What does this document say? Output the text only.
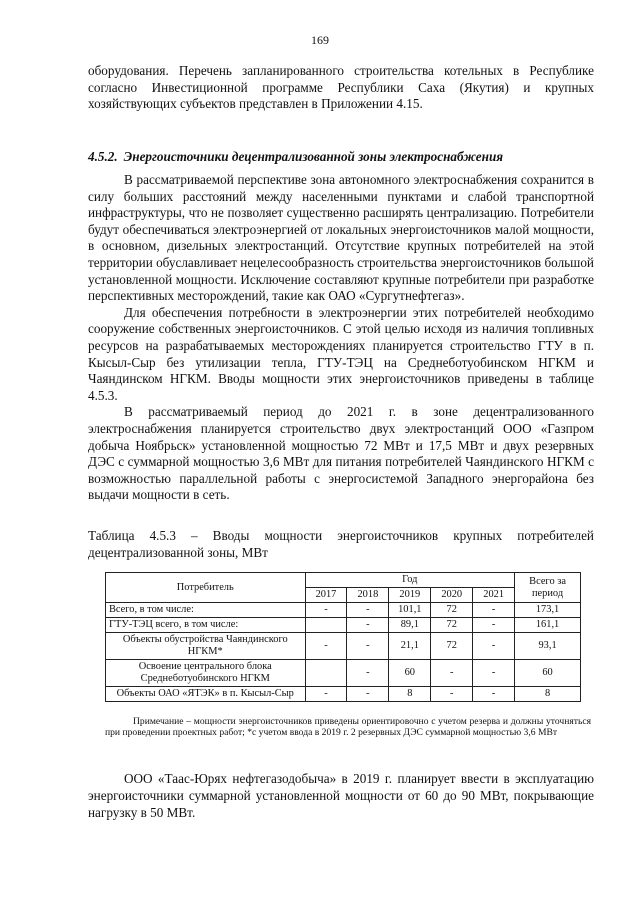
169

оборудования. Перечень запланированного строительства котельных в Республике согласно Инвестиционной программе Республики Саха (Якутия) и крупных хозяйствующих субъектов представлен в Приложении 4.15.

4.5.2. Энергоисточники децентрализованной зоны электроснабжения

В рассматриваемой перспективе зона автономного электроснабжения сохранится в силу больших расстояний между населенными пунктами и слабой транспортной инфраструктуры, что не позволяет существенно расширять централизацию. Потребители будут обеспечиваться электроэнергией от локальных энергоисточников малой мощности, в основном, дизельных электростанций. Отсутствие крупных потребителей на этой территории обуславливает нецелесообразность строительства энергоисточников большой установленной мощности. Исключение составляют крупные потребители при разработке перспективных месторождений, такие как ОАО «Сургутнефтегаз».

Для обеспечения потребности в электроэнергии этих потребителей необходимо сооружение собственных энергоисточников. С этой целью исходя из наличия топливных ресурсов на разрабатываемых месторождениях планируется строительство ГТУ в п. Кысыл-Сыр без утилизации тепла, ГТУ-ТЭЦ на Среднеботуобинском НГКМ и Чаяндинском НГКМ. Вводы мощности этих энергоисточников приведены в таблице 4.5.3.

В рассматриваемый период до 2021 г. в зоне децентрализованного электроснабжения планируется строительство двух электростанций ООО «Газпром добыча Ноябрьск» установленной мощностью 72 МВт и 17,5 МВт и двух резервных ДЭС с суммарной мощностью 3,6 МВт для питания потребителей Чаяндинского НГКМ с возможностью параллельной работы с энергосистемой Западного энергорайона без выдачи мощности в сеть.

Таблица 4.5.3 – Вводы мощности энергоисточников крупных потребителей децентрализованной зоны, МВт
Потребитель	Год					Всего за период
	2017	2018	2019	2020	2021	
Всего, в том числе:	-	-	101,1	72	-	173,1
ГТУ-ТЭЦ всего, в том числе:		-	89,1	72	-	161,1
Объекты обустройства Чаяндинского НГКМ*	-	-	21,1	72	-	93,1
Освоение центрального блока Среднеботуобинского НГКМ		-	60	-	-	60
Объекты ОАО «ЯТЭК» в п. Кысыл-Сыр	-	-	8	-	-	8
Примечание – мощности энергоисточников приведены ориентировочно с учетом резерва и должны уточняться при проведении проектных работ; *с учетом ввода в 2019 г. 2 резервных ДЭС суммарной мощностью 3,6 МВт

ООО «Таас-Юрях нефтегазодобыча» в 2019 г. планирует ввести в эксплуатацию энергоисточники суммарной установленной мощности от 60 до 90 МВт, покрывающие нагрузку в 50 МВт.
